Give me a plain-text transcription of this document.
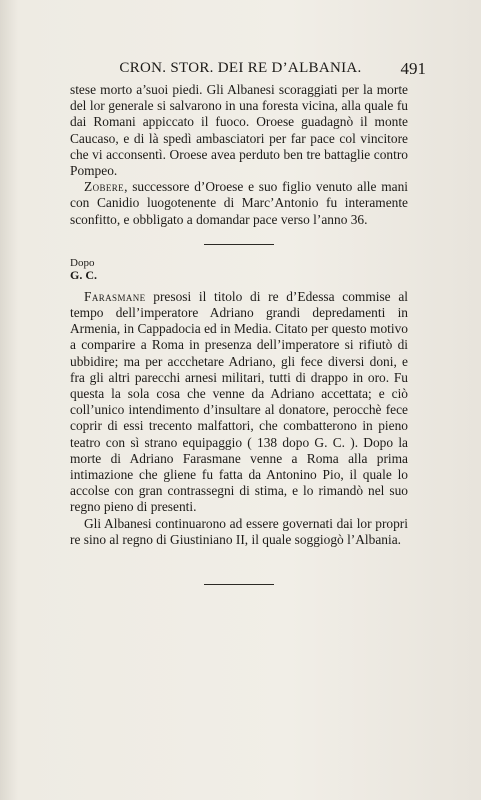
CRON. STOR. DEI RE D’ALBANIA.	491

stese morto a’suoi piedi. Gli Albanesi scoraggiati per la morte del lor generale si salvarono in una foresta vicina, alla quale fu dai Romani appiccato il fuoco. Oroese guadagnò il monte Caucaso, e di là spedì ambasciatori per far pace col vincitore che vi acconsentì. Oroese avea perduto ben tre battaglie contro Pompeo.

Zobere, successore d’Oroese e suo figlio venuto alle mani con Canidio luogotenente di Marc’Antonio fu interamente sconfitto, e obbligato a domandar pace verso l’anno 36.

Dopo
G. C.

Farasmane presosi il titolo di re d’Edessa commise al tempo dell’imperatore Adriano grandi depredamenti in Armenia, in Cappadocia ed in Media. Citato per questo motivo a comparire a Roma in presenza dell’imperatore si rifiutò di ubbidire; ma per accchetare Adriano, gli fece diversi doni, e fra gli altri parecchi arnesi militari, tutti di drappo in oro. Fu questa la sola cosa che venne da Adriano accettata; e ciò coll’unico intendimento d’insultare al donatore, perocchè fece coprir di essi trecento malfattori, che combatterono in pieno teatro con sì strano equipaggio ( 138 dopo G. C. ). Dopo la morte di Adriano Farasmane venne a Roma alla prima intimazione che gliene fu fatta da Antonino Pio, il quale lo accolse con gran contrassegni di stima, e lo rimandò nel suo regno pieno di presenti.

Gli Albanesi continuarono ad essere governati dai lor propri re sino al regno di Giustiniano II, il quale soggiogò l’Albania.
